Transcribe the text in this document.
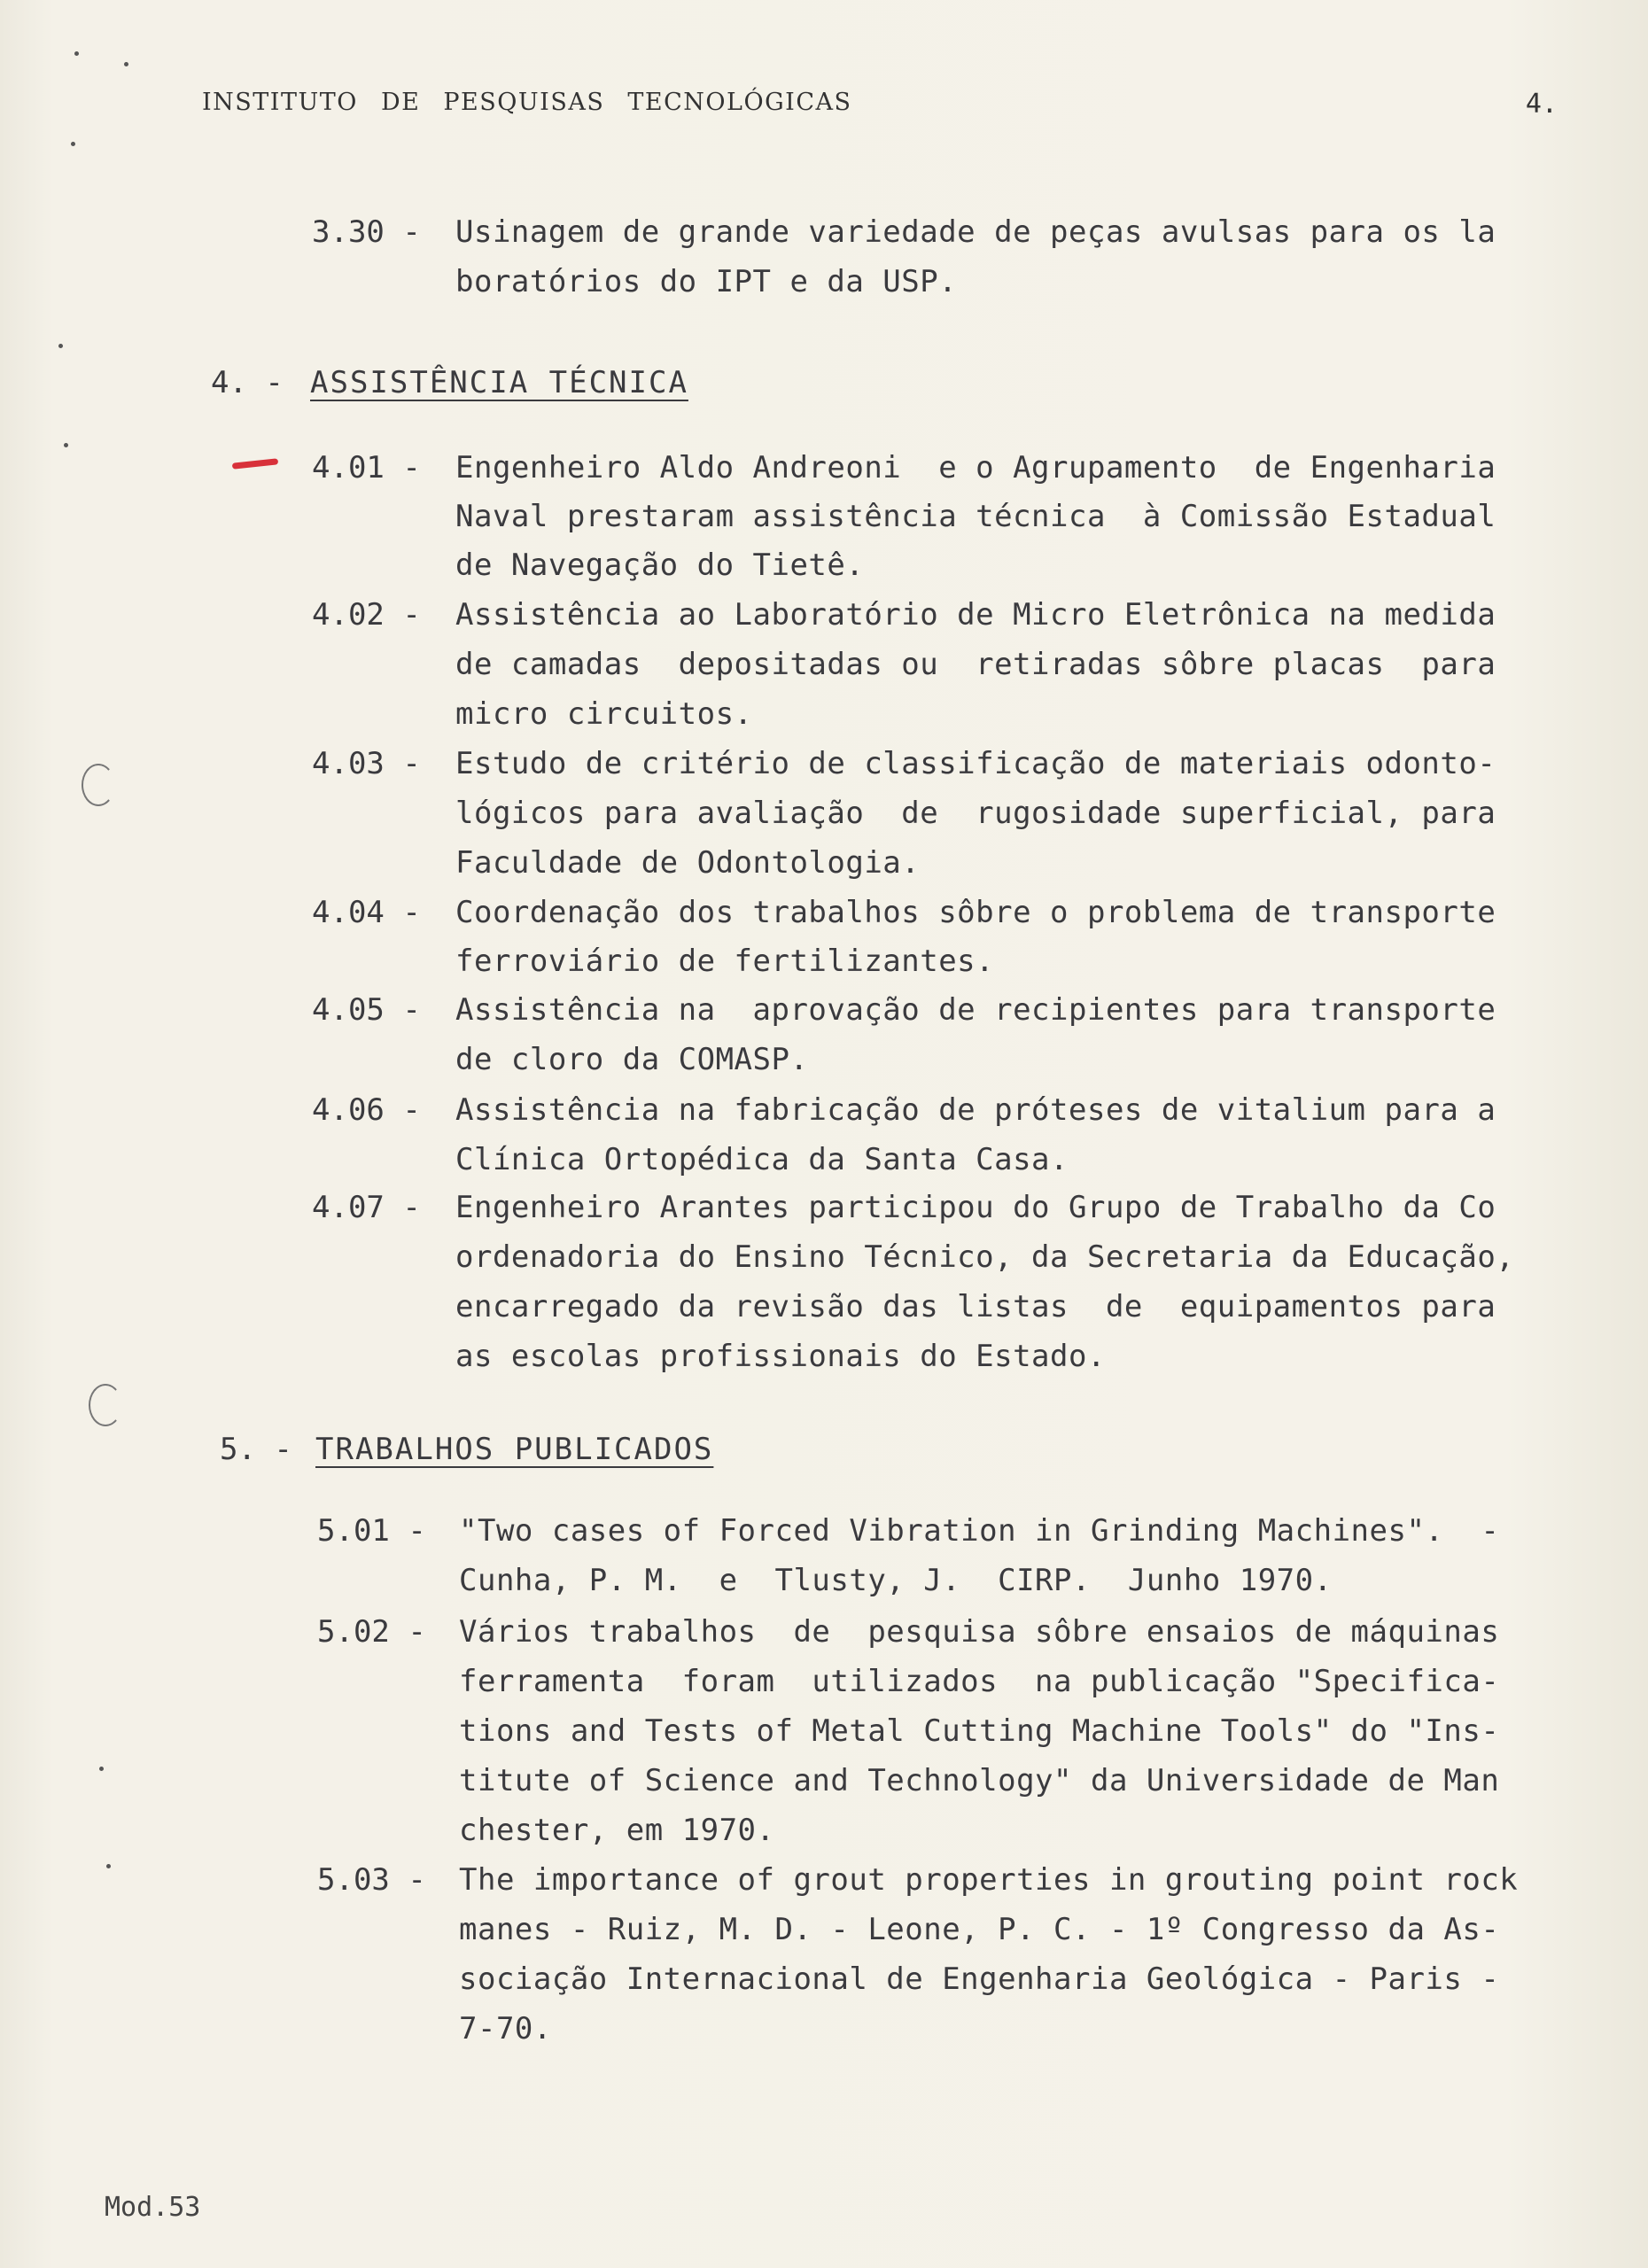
INSTITUTO DE PESQUISAS TECNOLÓGICAS	4.
3.30 - Usinagem de grande variedade de peças avulsas para os la
boratórios do IPT e da USP.
4. - ASSISTÊNCIA TÉCNICA
4.01 - Engenheiro Aldo Andreoni  e o Agrupamento  de Engenharia
Naval prestaram assistência técnica  à Comissão Estadual
de Navegação do Tietê.
4.02 - Assistência ao Laboratório de Micro Eletrônica na medida
de camadas  depositadas ou  retiradas sôbre placas  para
micro circuitos.
4.03 - Estudo de critério de classificação de materiais odonto-
lógicos para avaliação  de  rugosidade superficial, para
Faculdade de Odontologia.
4.04 - Coordenação dos trabalhos sôbre o problema de transporte
ferroviário de fertilizantes.
4.05 - Assistência na  aprovação de recipientes para transporte
de cloro da COMASP.
4.06 - Assistência na fabricação de próteses de vitalium para a
Clínica Ortopédica da Santa Casa.
4.07 - Engenheiro Arantes participou do Grupo de Trabalho da Co
ordenadoria do Ensino Técnico, da Secretaria da Educação,
encarregado da revisão das listas  de  equipamentos para
as escolas profissionais do Estado.
5. - TRABALHOS PUBLICADOS
5.01 - "Two cases of Forced Vibration in Grinding Machines".  -
Cunha, P. M.  e  Tlusty, J.  CIRP.  Junho 1970.
5.02 - Vários trabalhos  de  pesquisa sôbre ensaios de máquinas
ferramenta  foram  utilizados  na publicação "Specifica-
tions and Tests of Metal Cutting Machine Tools" do "Ins-
titute of Science and Technology" da Universidade de Man
chester, em 1970.
5.03 - The importance of grout properties in grouting point rock
manes - Ruiz, M. D. - Leone, P. C. - 1º Congresso da As-
sociação Internacional de Engenharia Geológica - Paris -
7-70.
Mod.53
